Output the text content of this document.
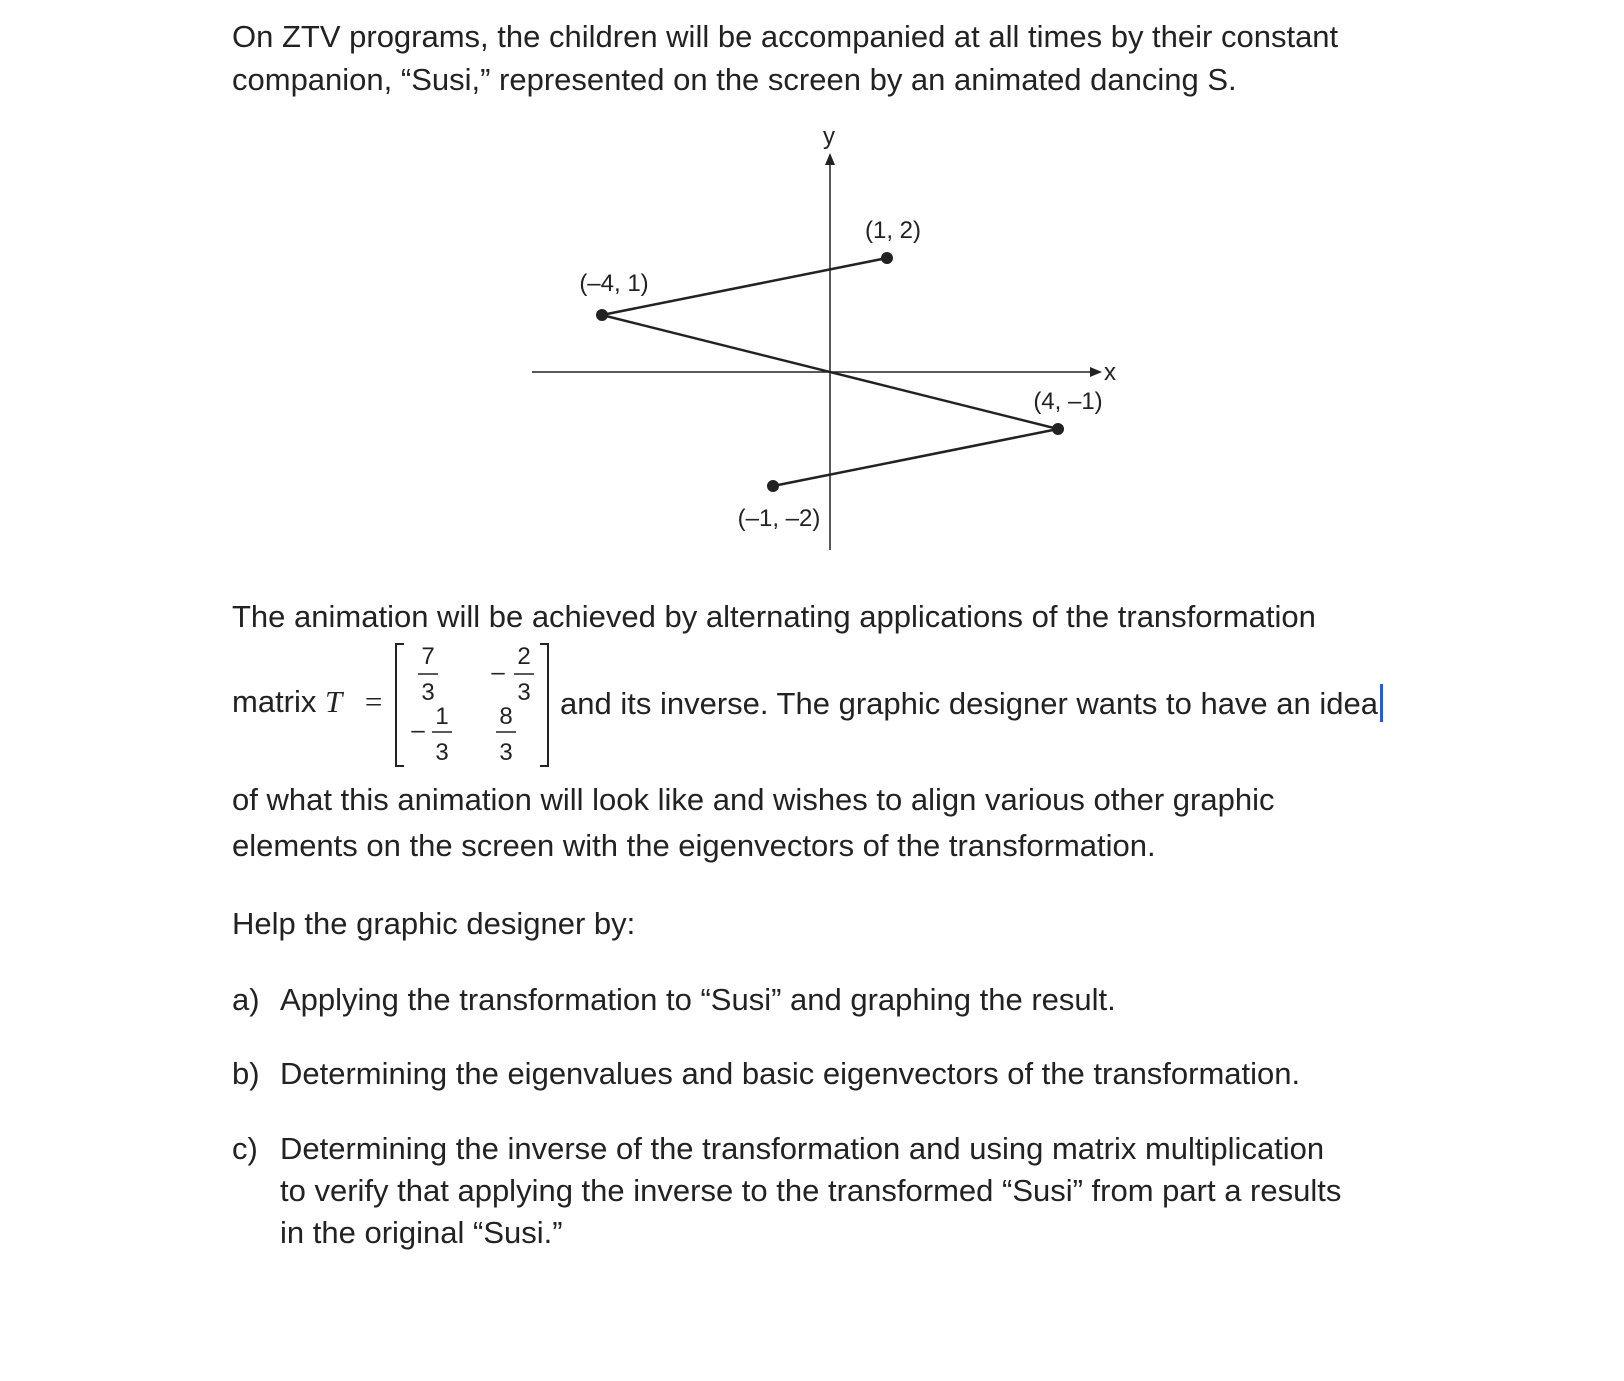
On ZTV programs, the children will be accompanied at all times by their constant
companion, “Susi,” represented on the screen by an animated dancing S.

x
y
(1, 2)
(–4, 1)
(4, –1)
(–1, –2)

The animation will be achieved by alternating applications of the transformation

matrix T =
7
3
–
2
3
–
1
3
8
3
and its inverse. The graphic designer wants to have an idea

of what this animation will look like and wishes to align various other graphic

elements on the screen with the eigenvectors of the transformation.

Help the graphic designer by:

a) Applying the transformation to “Susi” and graphing the result.
b) Determining the eigenvalues and basic eigenvectors of the transformation.
c) Determining the inverse of the transformation and using matrix multiplication
to verify that applying the inverse to the transformed “Susi” from part a results
in the original “Susi.”
